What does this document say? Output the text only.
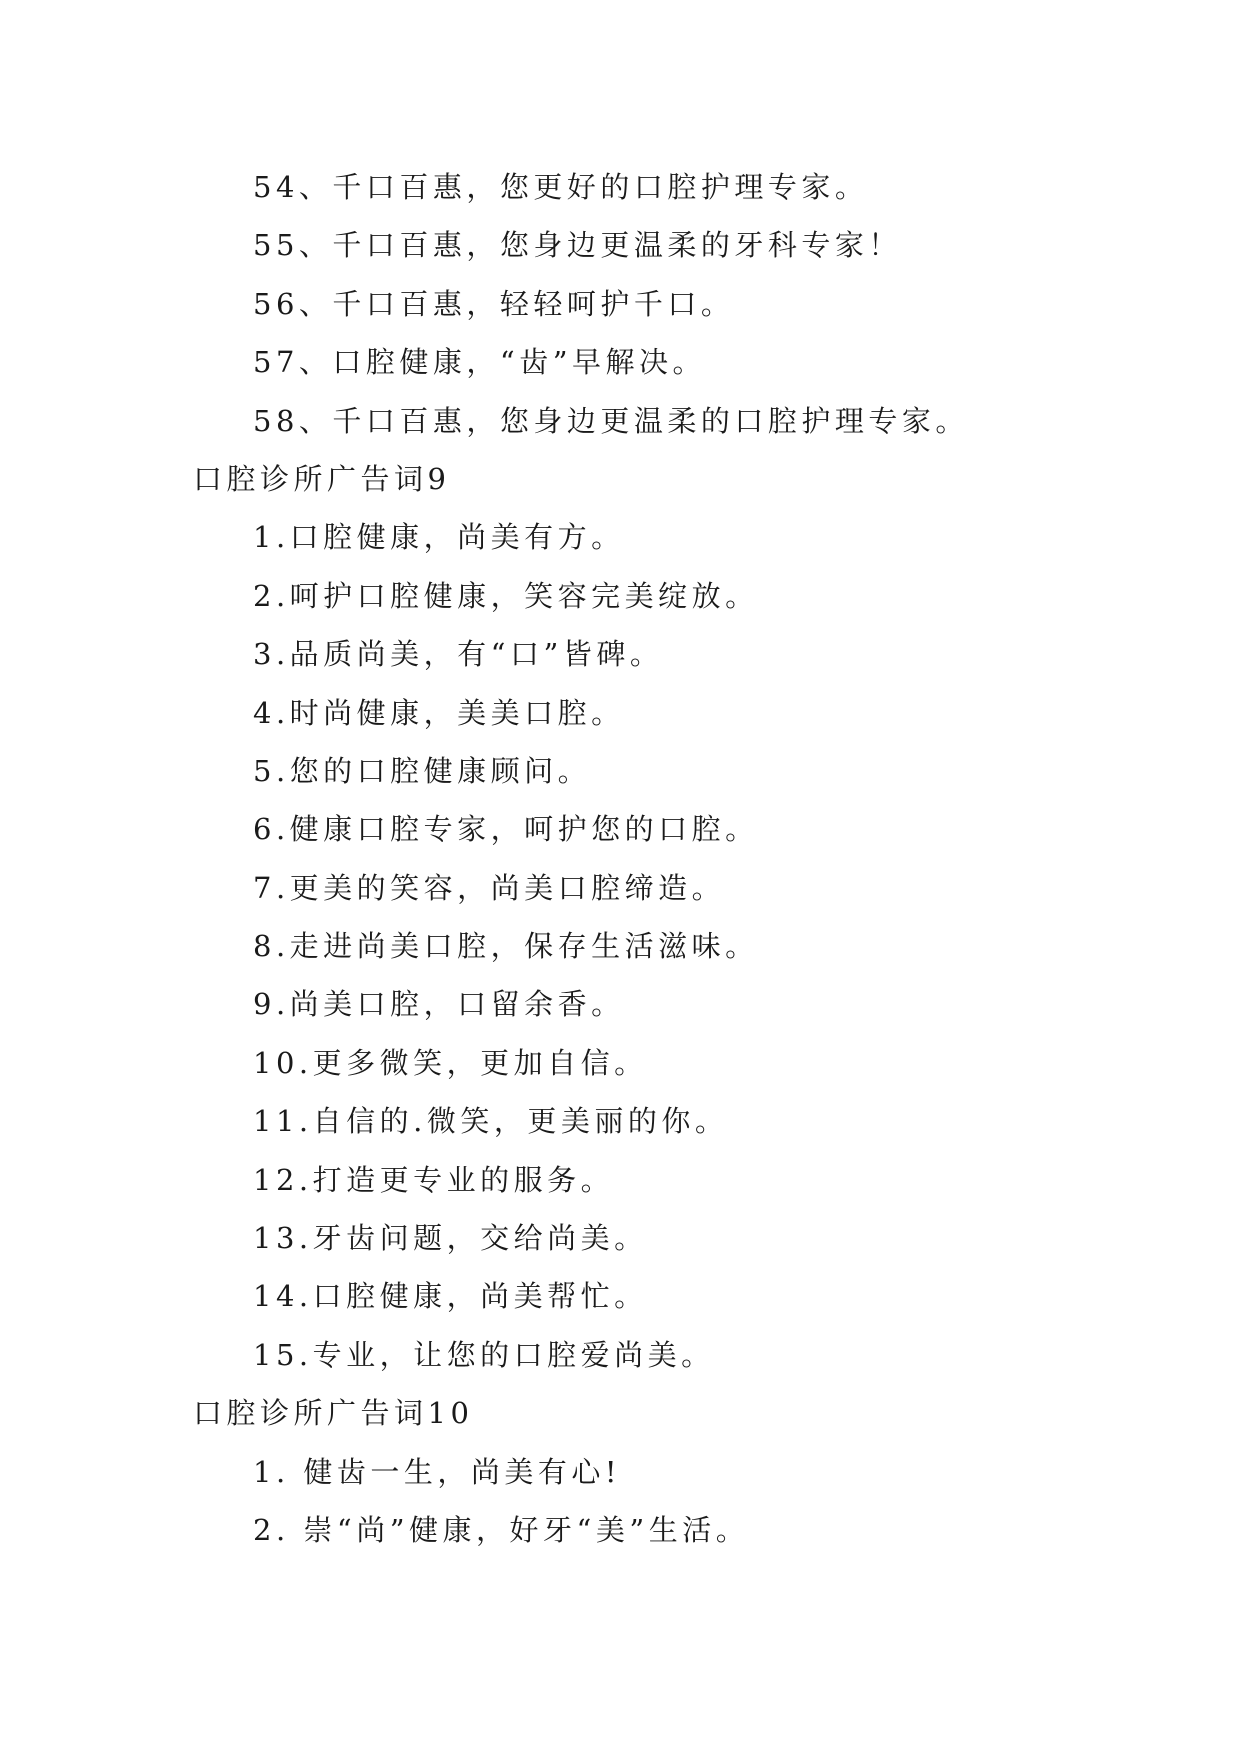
54、千口百惠，您更好的口腔护理专家。
55、千口百惠，您身边更温柔的牙科专家！
56、千口百惠，轻轻呵护千口。
57、口腔健康，“齿”早解决。
58、千口百惠，您身边更温柔的口腔护理专家。
口腔诊所广告词9
1.口腔健康，尚美有方。
2.呵护口腔健康，笑容完美绽放。
3.品质尚美，有“口”皆碑。
4.时尚健康，美美口腔。
5.您的口腔健康顾问。
6.健康口腔专家，呵护您的口腔。
7.更美的笑容，尚美口腔缔造。
8.走进尚美口腔，保存生活滋味。
9.尚美口腔，口留余香。
10.更多微笑，更加自信。
11.自信的.微笑，更美丽的你。
12.打造更专业的服务。
13.牙齿问题，交给尚美。
14.口腔健康，尚美帮忙。
15.专业，让您的口腔爱尚美。
口腔诊所广告词10
1. 健齿一生，尚美有心!
2. 崇“尚”健康，好牙“美”生活。
